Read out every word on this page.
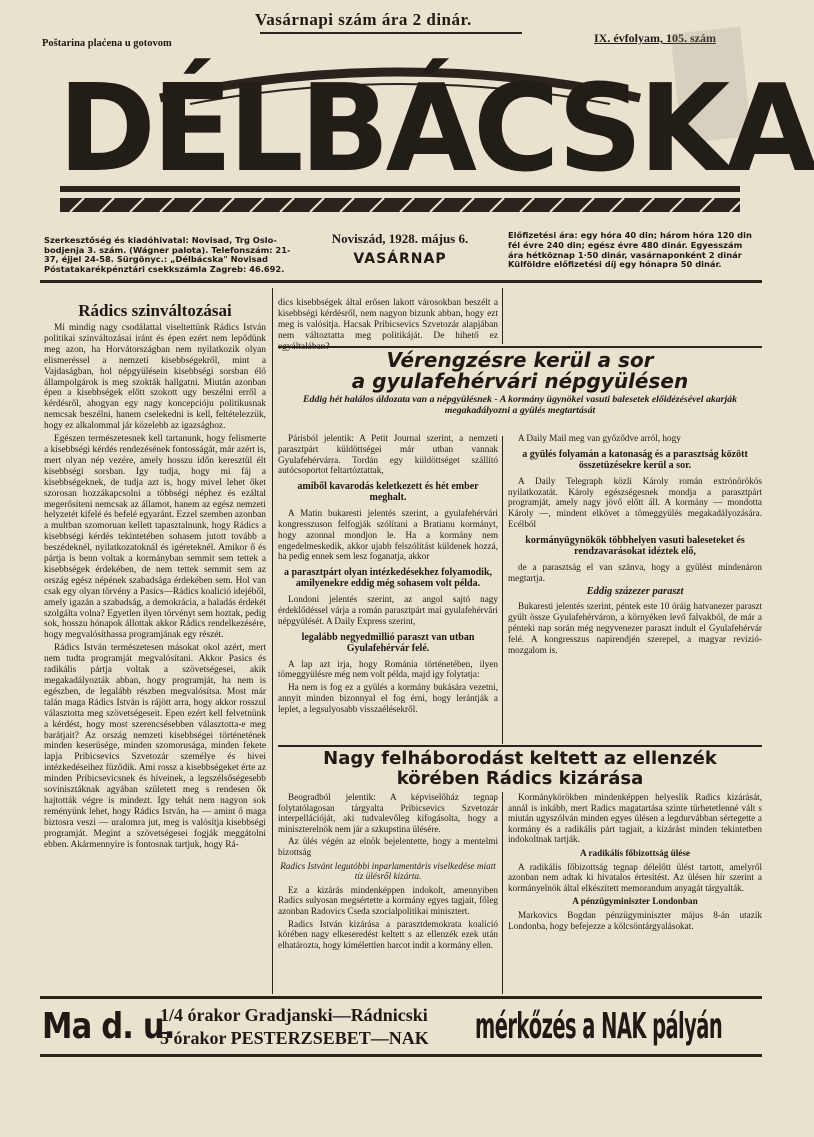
Vasárnapi szám ára 2 dinár.
Poštarina plaćena u gotovom	IX. évfolyam, 105. szám
DÉLBÁCSKA
Szerkesztőség és kiadóhivatal: Novisad, Trg Oslo-bodjenja 3. szám. (Wágner palota). Telefonszám: 21-37, éjjel 24-58. Sürgönyc.: „Délbácska" Novisad Póstatakarékpénztári csekkszámla Zagreb: 46.692.
Noviszád, 1928. május 6.
VASÁRNAP
Előfizetési ára: egy hóra 40 din; három hóra 120 din fél évre 240 din; egész évre 480 dinár. Egyesszám ára hétköznap 1·50 dinár, vasárnaponként 2 dinár Külföldre előfizetési díj egy hónapra 50 dinár.
Rádics szinváltozásai

Mi mindig nagy csodálattal viseltettünk Rádics István politikai szinváltozásai iránt és épen ezért nem lepődünk meg azon, ha Horvátországban nem nyilatkozik olyan elismeréssel a nemzeti kisebbségekről, mint a Vajdaságban, hol népgyülésein kisebbségi sorsban élő állampolgárok is meg szokták hallgatni. Miután azonban épen a kisebbségek előtt szokott ugy beszélni erről a kérdésről, ahogyan egy nagy koncepcióju politikusnak nemcsak beszélni, hanem cselekedni is kell, feltételezzük, hogy ez alkalommal jár közelebb az igazsághoz.

Egészen természetesnek kell tartanunk, hogy felismerte a kisebbségi kérdés rendezésének fontosságát, már azért is, mert olyan nép vezére, amely hosszu időn keresztül élt kisebbségi sorsban. Igy tudja, hogy mi fáj a kisebbségeknek, de tudja azt is, hogy mivel lehet őket szorosan hozzákapcsolni a többségi néphez és ezáltal megerősíteni nemcsak az államot, hanem az egész nemzeti helyzetét kifelé és befelé egyaránt. Ezzel szemben azonban a multban szomoruan kellett tapasztalnunk, hogy Rádics a kisebbségi kérdés tekintetében sohasem jutott tovább a beszédeknél, nyilatkozatoknál és igéreteknél. Amikor ő és pártja is benn voltak a kormányban semmit sem tettek a kisebbségek érdekében, de nem tettek semmit sem az ország egész népének szabadsága érdekében sem. Hol van csak egy olyan törvény a Pasics—Rádics koalició idejéből, amely igazán a szabadság, a demokrácia, a haladás érdekét szolgálta volna? Egyetlen ilyen törvényt sem hoztak, pedig sok, hosszu hónapok állottak akkor Rádics rendelkezésére, hogy megvalósíthassa programjának egy részét.

Rádics István természetesen másokat okol azért, mert nem tudta programját megvalósítani. Akkor Pasics és radikális pártja voltak a szövetségesei, akik megakadályozták abban, hogy programját, ha nem is egészben, de legalább részben megvalósítsa. Most már talán maga Rádics István is rájött arra, hogy akkor rosszul választotta meg szövetségeseit. Epen ezért kell felvetnünk a kérdést, hogy most szerencsésebben választotta-e meg barátjait? Az ország nemzeti kisebbségei történetének minden keserüsége, minden szomorusága, minden fekete lapja Pribicsevics Szvetozár személye és hivei intézkedéseihez füződik. Ami rossz a kisebbségeket érte az minden Pribicsevicsnek és híveinek, a legszélsőségesebb sovinisztáknak agyában született meg s rendesen ők hajtották végre is mindezt. Igy tehát nem nagyon sok reményünk lehet, hogy Rádics István, ha — amint ő maga biztosra veszi — uralomra jut, meg is valósítja kisebbségi programját. Megint a szövetségesei fogják meggátolni ebben. Akármennyire is fontosnak tartjuk, hogy Rá-

dics kisebbségek által erősen lakott városokban beszélt a kisebbségi kérdésről, nem nagyon bizunk abban, hogy ezt meg is valósitja. Hacsak Pribicsevics Szvetozár alapjában nem változtatta meg politikáját. De hihető ez

Vérengzésre kerül a sor
a gyulafehérvári népgyülésen
Eddig hét halálos áldozata van a népgyülésnek - A kormány ügynökei vasuti balesetek előidézésével akarják megakadályozni a gyülés megtartását

Párisból jelentik: A Petit Journal szerint, a nemzeti parasztpárt küldöttségei már utban vannak Gyulafehérvárra. Tordán egy küldöttséget szállító autócsoportot feltartóztattak,

amiből kavarodás keletkezett és hét ember meghalt.

A Matin bukaresti jelentés szerint, a gyulafehérvári kongresszuson felfogják szólítani a Bratianu kormányt, hogy azonnal mondjon le. Ha a kormány nem engedelmeskedik, akkor ujabb felszólítást küldenek hozzá, ha pedig ennek sem lesz foganatja, akkor

a parasztpárt olyan intézkedésekhez folyamodik, amilyenekre eddig még sohasem volt példa.

Londoni jelentés szerint, az angol sajtó nagy érdeklődéssel várja a román parasztpárt mai gyulafehérvári népgyülését. A Daily Express szerint,

legalább negyedmillió paraszt van utban Gyulafehérvár felé.

A lap azt irja, hogy Románia történetében, ilyen tömeggyülésre még nem volt példa, majd igy folytatja:

Ha nem is fog ez a gyülés a kormány bukására vezetni, annyit minden bizonnyal el fog érni, hogy lerántják a leplet, a legsulyosabb visszaélésekről.

A Daily Mail meg van győződve arról, hogy

a gyülés folyamán a katonaság és a parasztság között összetüzésekre kerül a sor.

A Daily Telegraph közli Károly román extrónörökös nyilatkozatát. Károly egészségesnek mondja a parasztpárt programját, amely nagy jövő előtt áll. A kormány — mondotta Károly —, mindent elkövet a tömeggyülés megakadályozására. Ecélból

kormányügynökök többhelyen vasuti baleseteket és rendzavarásokat idéztek elő,

de a parasztság el van szánva, hogy a gyülést mindenáron megtartja.

Eddig százezer paraszt

Bukaresti jelentés szerint, péntek este 10 óráig hatvanezer paraszt gyült össze Gyulafehérváron, a környéken levő falvakból, de már a pénteki nap során még negyvenezer paraszt indult el Gyulafehérvár felé. A kongresszus napirendjén szerepel, a magyar revizió-mozgalom is.

Nagy felháborodást keltett az ellenzék körében Rádics kizárása

Beogradból jelentik: A képviselőház tegnap folytatólagosan tárgyalta Pribicsevics Szvetozár interpellációját, aki tudvalevőleg kifogásolta, hogy a miniszterelnök nem jár a szkupstina ülésére.

Az ülés végén az elnök bejelentette, hogy a mentelmi bizottság

Radics Istvánt legutóbbi inparlamentáris viselkedése miatt tíz ülésről kizárta.

Ez a kizárás mindenképpen indokolt, amennyiben Radics sulyosan megsértette a kormány egyes tagjait, főleg azonban Radovics Cseda szocialpolitikai minisztert.

Radics István kizárása a parasztdemokrata koalició körében nagy elkeseredést keltett s az ellenzék ezek után elhatározta, hogy kimélettlen harcot indít a kormány ellen.

Kormánykörökben mindenképpen helyeslik Radics kizárását, annál is inkább, mert Radics magatartása szinte türhetetlenné vált s miután ugyszólván minden egyes ülésen a legdurvábban sértegette a kormány és a radikális párt tagjait, a kizárást minden tekintetben indokoltnak tartják.

A radikális főbizottság ülése

A radikális főbizottság tegnap délelőtt ülést tartott, amelyről azonban nem adtak ki hivatalos értesítést. Az ülésen hír szerint a kormányelnök által elkészített memorandum anyagát tárgyalták.

A pénzügyminiszter Londonban

Markovics Bogdan pénzügyminiszter május 8-án utazik Londonba, hogy befejezze a kölcsöntárgyalásokat.

Ma d. u.
1/4 órakor Gradjanski—Rádnicski
5 órakor PESTERZSEBET—NAK mérkőzés a NAK pályán
